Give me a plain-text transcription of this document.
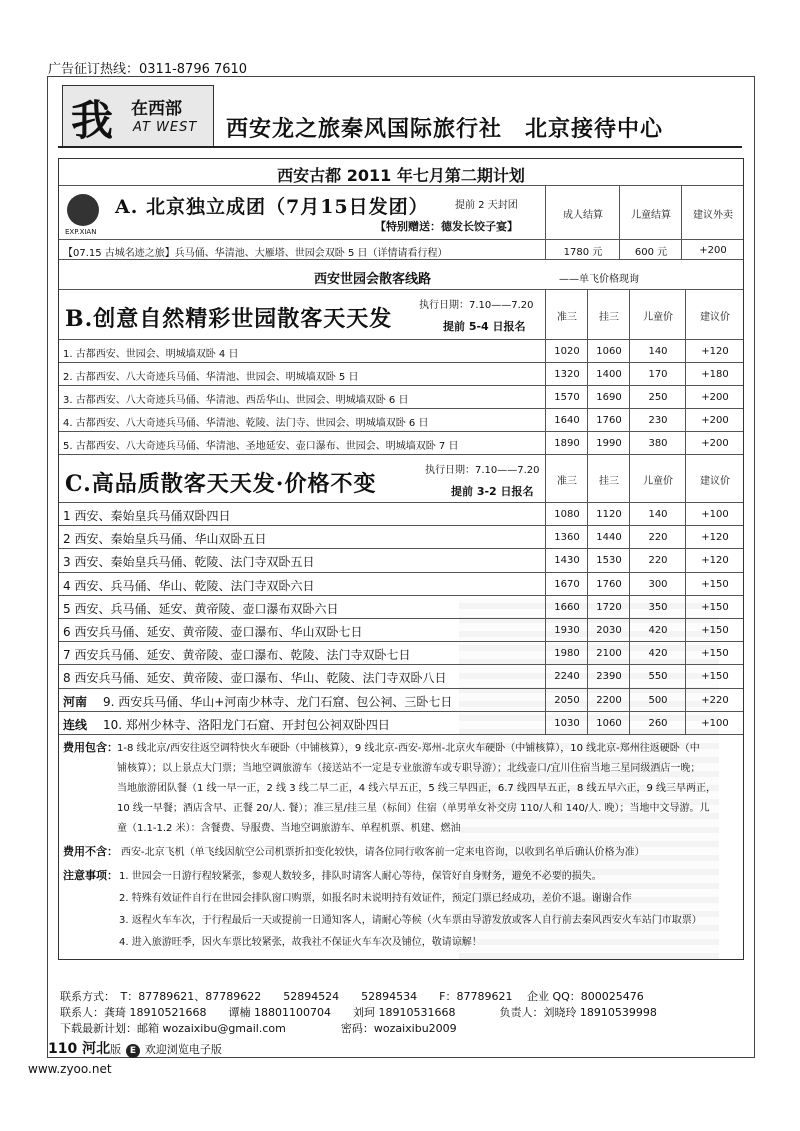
广告征订热线：0311-8796 7610
我 在西部
AT WEST 西安龙之旅秦风国际旅行社　北京接待中心
西安古都 2011 年七月第二期计划
EXP.XIAN
A. 北京独立成团（7月15日发团）	提前 2 天封团
【特别赠送：德发长饺子宴】
成人结算	儿童结算	建议外卖
【07.15 古城名迹之旅】兵马俑、华清池、大雁塔、世园会双卧 5 日（详情请看行程）	1780 元	600 元	+200
西安世园会散客线路	——单飞价格现询
B.创意自然精彩世园散客天天发
执行日期：7.10——7.20
提前 5-4 日报名
准三	挂三	儿童价	建议价
1. 古都西安、世园会、明城墙双卧 4 日	1020	1060	140	+120
2. 古都西安、八大奇迹兵马俑、华清池、世园会、明城墙双卧 5 日	1320	1400	170	+180
3. 古都西安、八大奇迹兵马俑、华清池、西岳华山、世园会、明城墙双卧 6 日	1570	1690	250	+200
4. 古都西安、八大奇迹兵马俑、华清池、乾陵、法门寺、世园会、明城墙双卧 6 日	1640	1760	230	+200
5. 古都西安、八大奇迹兵马俑、华清池、圣地延安、壶口瀑布、世园会、明城墙双卧 7 日	1890	1990	380	+200
C.高品质散客天天发·价格不变
执行日期：7.10——7.20
提前 3-2 日报名
准三	挂三	儿童价	建议价
1 西安、秦始皇兵马俑双卧四日	1080	1120	140	+100
2 西安、秦始皇兵马俑、华山双卧五日	1360	1440	220	+120
3 西安、秦始皇兵马俑、乾陵、法门寺双卧五日	1430	1530	220	+120
4 西安、兵马俑、华山、乾陵、法门寺双卧六日	1670	1760	300	+150
5 西安、兵马俑、延安、黄帝陵、壶口瀑布双卧六日	1660	1720	350	+150
6 西安兵马俑、延安、黄帝陵、壶口瀑布、华山双卧七日	1930	2030	420	+150
7 西安兵马俑、延安、黄帝陵、壶口瀑布、乾陵、法门寺双卧七日	1980	2100	420	+150
8 西安兵马俑、延安、黄帝陵、壶口瀑布、华山、乾陵、法门寺双卧八日	2240	2390	550	+150
河南 9. 西安兵马俑、华山+河南少林寺、龙门石窟、包公祠、三卧七日	2050	2200	500	+220
连线 10. 郑州少林寺、洛阳龙门石窟、开封包公祠双卧四日	1030	1060	260	+100
费用包含： 1-8 线北京/西安往返空调特快火车硬卧（中铺核算），9 线北京-西安-郑州-北京火车硬卧（中铺核算），10 线北京-郑州往返硬卧（中
铺核算）；以上景点大门票；当地空调旅游车（接送站不一定是专业旅游车或专职导游）；北线壶口/宜川住宿当地三星同级酒店一晚；
当地旅游团队餐（1 线一早一正，2 线 3 线二早二正，4 线六早五正，5 线三早四正，6.7 线四早五正，8 线五早六正，9 线三早两正，
10 线一早餐；酒店含早、正餐 20/人. 餐）；准三星/挂三星（标间）住宿（单男单女补交房 110/人和 140/人. 晚）；当地中文导游。儿
童（1.1-1.2 米）：含餐费、导服费、当地空调旅游车、单程机票、机建、燃油
费用不含： 西安-北京飞机（单飞线因航空公司机票折扣变化较快，请各位同行收客前一定来电咨询，以收到名单后确认价格为准）
注意事项： 1. 世园会一日游行程较紧张，参观人数较多，排队时请客人耐心等待，保管好自身财务，避免不必要的损失。
2. 特殊有效证件自行在世园会排队窗口购票，如报名时未说明持有效证件，预定门票已经成功，差价不退。谢谢合作
3. 返程火车车次，于行程最后一天或提前一日通知客人，请耐心等候（火车票由导游发放或客人自行前去秦风西安火车站门市取票）
4. 进入旅游旺季，因火车票比较紧张，故我社不保证火车车次及铺位，敬请谅解！
联系方式：　T：87789621、87789622　　52894524　　52894534　　F：87789621　 企业 QQ：800025476
联系人：龚琦 18910521668　　谭楠 18801100704　　刘珂 18910531668　　　　负责人：刘晓玲 18910539998
下载最新计划：邮箱 wozaixibu@gmail.com　　　　　密码：wozaixibu2009
110 河北版 E 欢迎浏览电子版
www.zyoo.net
